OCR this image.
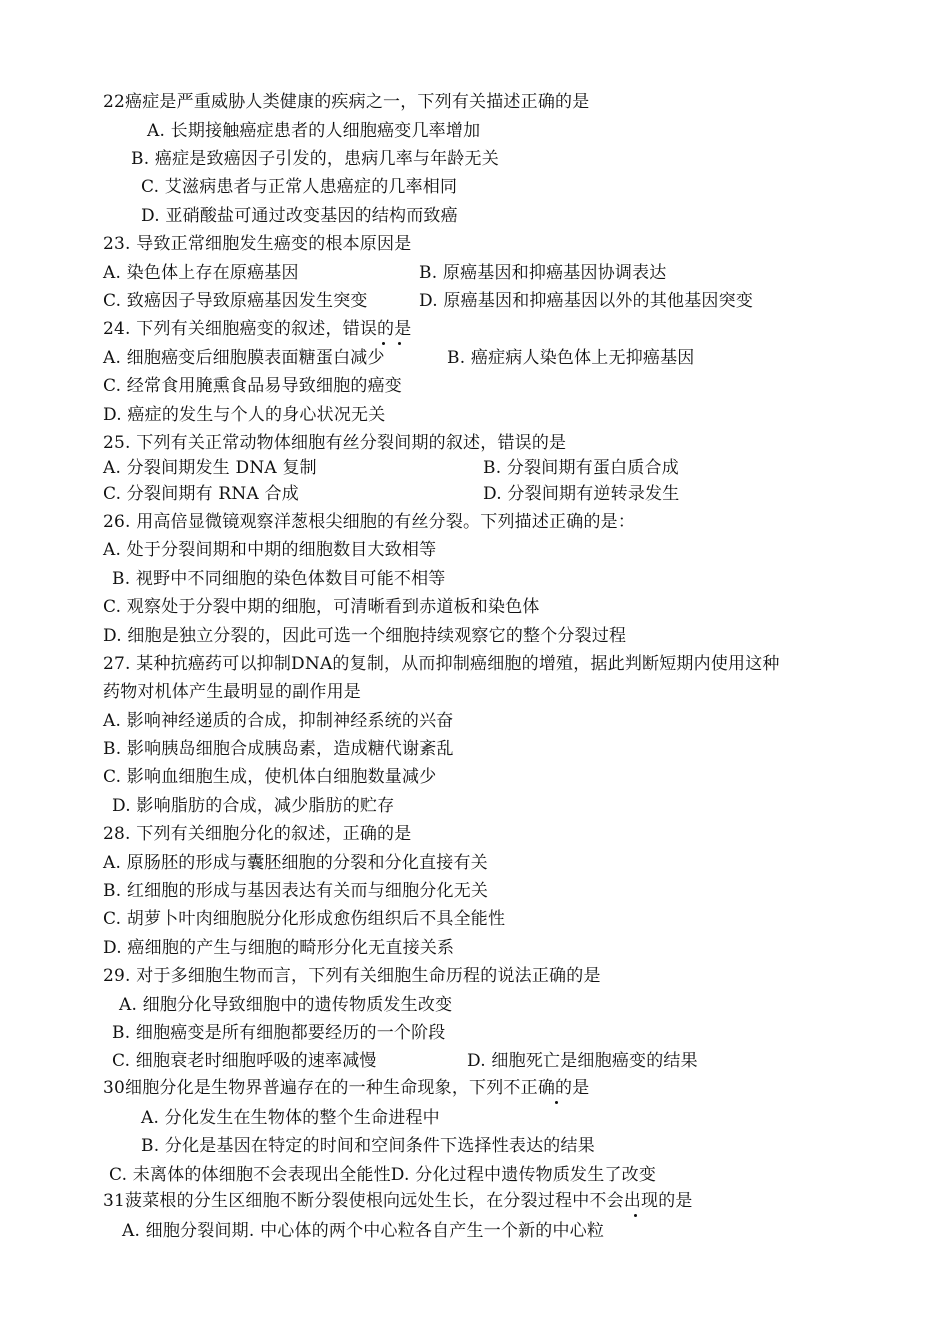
22癌症是严重威胁人类健康的疾病之一，下列有关描述正确的是
A. 长期接触癌症患者的人细胞癌变几率增加
B. 癌症是致癌因子引发的，患病几率与年龄无关
C. 艾滋病患者与正常人患癌症的几率相同
D. 亚硝酸盐可通过改变基因的结构而致癌
23. 导致正常细胞发生癌变的根本原因是
A. 染色体上存在原癌基因	B. 原癌基因和抑癌基因协调表达
C. 致癌因子导致原癌基因发生突变	D. 原癌基因和抑癌基因以外的其他基因突变
24. 下列有关细胞癌变的叙述，错误的是
A. 细胞癌变后细胞膜表面糖蛋白减少	B. 癌症病人染色体上无抑癌基因
C. 经常食用腌熏食品易导致细胞的癌变
D. 癌症的发生与个人的身心状况无关
25. 下列有关正常动物体细胞有丝分裂间期的叙述，错误的是
A. 分裂间期发生 DNA 复制	B. 分裂间期有蛋白质合成
C. 分裂间期有 RNA 合成	D. 分裂间期有逆转录发生
26. 用高倍显微镜观察洋葱根尖细胞的有丝分裂。下列描述正确的是：
A. 处于分裂间期和中期的细胞数目大致相等
B. 视野中不同细胞的染色体数目可能不相等
C. 观察处于分裂中期的细胞，可清晰看到赤道板和染色体
D. 细胞是独立分裂的，因此可选一个细胞持续观察它的整个分裂过程
27. 某种抗癌药可以抑制DNA的复制，从而抑制癌细胞的增殖，据此判断短期内使用这种
药物对机体产生最明显的副作用是
A. 影响神经递质的合成，抑制神经系统的兴奋
B. 影响胰岛细胞合成胰岛素，造成糖代谢紊乱
C. 影响血细胞生成，使机体白细胞数量减少
D. 影响脂肪的合成，减少脂肪的贮存
28. 下列有关细胞分化的叙述，正确的是
A. 原肠胚的形成与囊胚细胞的分裂和分化直接有关
B. 红细胞的形成与基因表达有关而与细胞分化无关
C. 胡萝卜叶肉细胞脱分化形成愈伤组织后不具全能性
D. 癌细胞的产生与细胞的畸形分化无直接关系
29. 对于多细胞生物而言，下列有关细胞生命历程的说法正确的是
A. 细胞分化导致细胞中的遗传物质发生改变
B. 细胞癌变是所有细胞都要经历的一个阶段
C. 细胞衰老时细胞呼吸的速率减慢	D. 细胞死亡是细胞癌变的结果
30细胞分化是生物界普遍存在的一种生命现象，下列不正确的是
A. 分化发生在生物体的整个生命进程中
B. 分化是基因在特定的时间和空间条件下选择性表达的结果
C. 未离体的体细胞不会表现出全能性D. 分化过程中遗传物质发生了改变
31菠菜根的分生区细胞不断分裂使根向远处生长，在分裂过程中不会出现的是
A. 细胞分裂间期. 中心体的两个中心粒各自产生一个新的中心粒
